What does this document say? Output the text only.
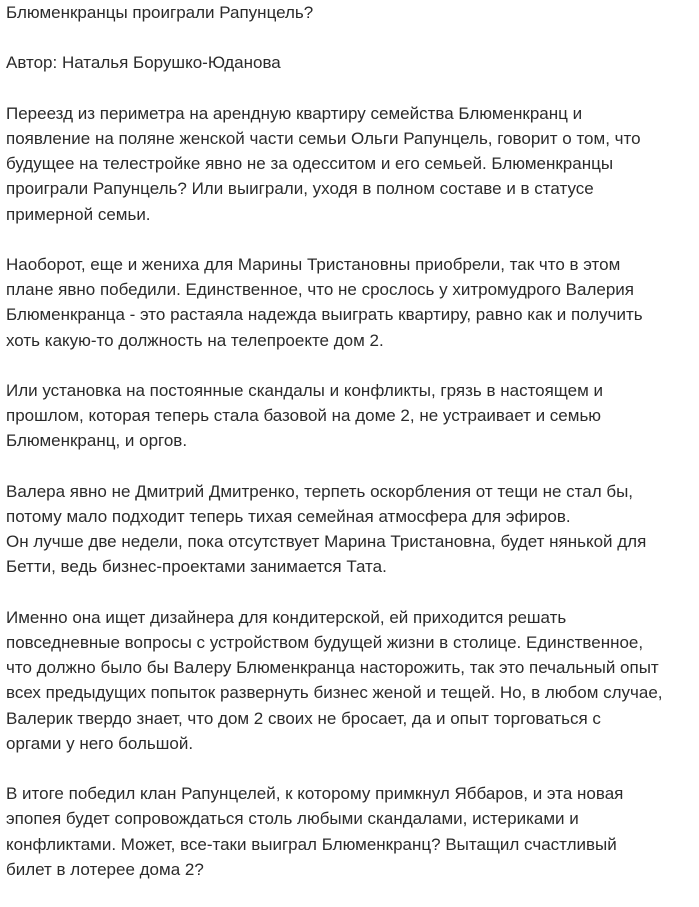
Блюменкранцы проиграли Рапунцель?

Автор: Наталья Борушко-Юданова

Переезд из периметра на арендную квартиру семейства Блюменкранц и
появление на поляне женской части семьи Ольги Рапунцель, говорит о том, что
будущее на телестройке явно не за одесситом и его семьей. Блюменкранцы
проиграли Рапунцель? Или выиграли, уходя в полном составе и в статусе
примерной семьи.

Наоборот, еще и жениха для Марины Тристановны приобрели, так что в этом
плане явно победили. Единственное, что не срослось у хитромудрого Валерия
Блюменкранца - это растаяла надежда выиграть квартиру, равно как и получить
хоть какую-то должность на телепроекте дом 2.

Или установка на постоянные скандалы и конфликты, грязь в настоящем и
прошлом, которая теперь стала базовой на доме 2, не устраивает и семью
Блюменкранц, и оргов.

Валера явно не Дмитрий Дмитренко, терпеть оскорбления от тещи не стал бы,
потому мало подходит теперь тихая семейная атмосфера для эфиров.
Он лучше две недели, пока отсутствует Марина Тристановна, будет нянькой для
Бетти, ведь бизнес-проектами занимается Тата.

Именно она ищет дизайнера для кондитерской, ей приходится решать
повседневные вопросы с устройством будущей жизни в столице. Единственное,
что должно было бы Валеру Блюменкранца насторожить, так это печальный опыт
всех предыдущих попыток развернуть бизнес женой и тещей. Но, в любом случае,
Валерик твердо знает, что дом 2 своих не бросает, да и опыт торговаться с
оргами у него большой.

В итоге победил клан Рапунцелей, к которому примкнул Яббаров, и эта новая
эпопея будет сопровождаться столь любыми скандалами, истериками и
конфликтами. Может, все-таки выиграл Блюменкранц? Вытащил счастливый
билет в лотерее дома 2?
